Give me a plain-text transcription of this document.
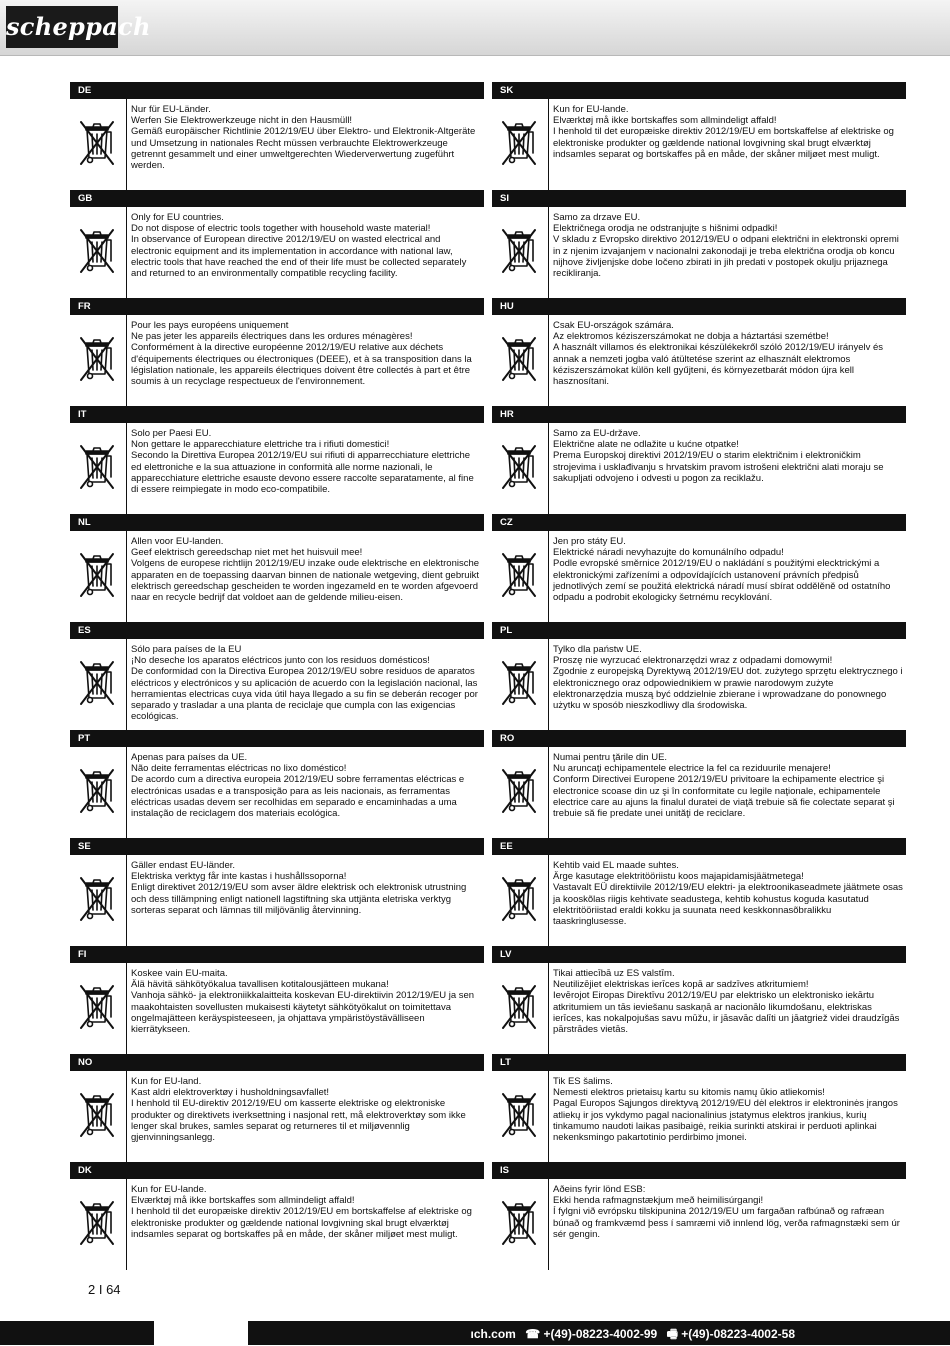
scheppach
DE
Nur für EU-Länder.
Werfen Sie Elektrowerkzeuge nicht in den Hausmüll!
Gemäß europäischer Richtlinie 2012/19/EU über Elektro- und Elektronik-Altgeräte und Umsetzung in nationales Recht müssen verbrauchte Elektrowerkzeuge getrennt gesammelt und einer umweltgerechten Wiederverwertung zugeführt werden.
GB
Only for EU countries.
Do not dispose of electric tools together with household waste material!
In observance of European directive 2012/19/EU on wasted electrical and electronic equipment and its implementation in accordance with national law, electric tools that have reached the end of their life must be collected separately and returned to an environmentally compatible recycling facility.
FR
Pour les pays européens uniquement
Ne pas jeter les appareils électriques dans les ordures ménagères!
Conformément à la directive européenne 2012/19/EU relative aux déchets d'équipements électriques ou électroniques (DEEE), et à sa transposition dans la législation nationale, les appareils électriques doivent être collectés à part et être soumis à un recyclage respectueux de l'environnement.
IT
Solo per Paesi EU.
Non gettare le apparecchiature elettriche tra i rifiuti domestici!
Secondo la Direttiva Europea 2012/19/EU sui rifiuti di apparrecchiature elettriche ed elettroniche e la sua attuazione in conformità alle norme nazionali, le apparecchiature elettriche esauste devono essere raccolte separatamente, al fine di essere reimpiegate in modo eco-compatibile.
NL
Allen voor EU-landen.
Geef elektrisch gereedschap niet met het huisvuil mee!
Volgens de europese richtlijn 2012/19/EU inzake oude elektrische en elektronische apparaten en de toepassing daarvan binnen de nationale wetgeving, dient gebruikt elektrisch gereedschap gescheiden te worden ingezameld en te worden afgevoerd naar en recycle bedrijf dat voldoet aan de geldende milieu-eisen.
ES
Sólo para países de la EU
¡No deseche los aparatos eléctricos junto con los residuos domésticos!
De conformidad con la Directiva Europea 2012/19/EU sobre residuos de aparatos eléctricos y electrónicos y su aplicación de acuerdo con la legislación nacional, las herramientas electricas cuya vida útil haya llegado a su fin se deberán recoger por separado y trasladar a una planta de reciclaje que cumpla con las exigencias ecológicas.
PT
Apenas para países da UE.
Não deite ferramentas eléctricas no lixo doméstico!
De acordo cum a directiva europeia 2012/19/EU sobre ferramentas eléctricas e electrónicas usadas e a transposição para as leis nacionais, as ferramentas eléctricas usadas devem ser recolhidas em separado e encaminhadas a uma instalação de reciclagem dos materiais ecológica.
SE
Gäller endast EU-länder.
Elektriska verktyg får inte kastas i hushållssoporna!
Enligt direktivet 2012/19/EU som avser äldre elektrisk och elektronisk utrustning och dess tillämpning enligt nationell lagstiftning ska uttjänta eletriska verktyg sorteras separat och lämnas till miljövänlig återvinning.
FI
Koskee vain EU-maita.
Älä hävitä sähkötyökalua tavallisen kotitalousjätteen mukana!
Vanhoja sähkö- ja elektroniikkalaitteita koskevan EU-direktiivin 2012/19/EU ja sen maakohtaisten sovellusten mukaisesti käytetyt sähkötyökalut on toimitettava ongelmajätteen keräyspisteeseen, ja ohjattava ympäristöystävälliseen kierrätykseen.
NO
Kun for EU-land.
Kast aldri elektroverktøy i husholdningsavfallet!
I henhold til EU-direktiv 2012/19/EU om kasserte elektriske og elektroniske produkter og direktivets iverksettning i nasjonal rett, må elektroverktøy som ikke lenger skal brukes, samles separat og returneres til et miljøvennlig gjenvinningsanlegg.
DK
Kun for EU-lande.
Elværktøj må ikke bortskaffes som allmindeligt affald!
I henhold til det europæiske direktiv 2012/19/EU em bortskaffelse af elektriske og elektroniske produkter og gældende national lovgivning skal brugt elværktøj indsamles separat og bortskaffes på en måde, der skåner miljøet mest muligt.
SK
Kun for EU-lande.
Elværktøj må ikke bortskaffes som allmindeligt affald!
I henhold til det europæiske direktiv 2012/19/EU em bortskaffelse af elektriske og elektroniske produkter og gældende national lovgivning skal brugt elværktøj indsamles separat og bortskaffes på en måde, der skåner miljøet mest muligt.
SI
Samo za drzave EU.
Električnega orodja ne odstranjujte s hišnimi odpadki!
V skladu z Evropsko direktivo 2012/19/EU o odpani električni in elektronski opremi in z njenim izvajanjem v nacionalni zakonodaji je treba električna orodja ob koncu nijhove življenjske dobe ločeno zbirati in jih predati v postopek okulju prijaznega recikliranja.
HU
Csak EU-országok számára.
Az elektromos kéziszerszámokat ne dobja a háztartási szemétbe!
A használt villamos és elektronikai készülékekről szóló 2012/19/EU irányelv és annak a nemzeti jogba való átültetése szerint az elhasznált elektromos kéziszerszámokat külön kell gyűjteni, és környezetbarát módon újra kell hasznosítani.
HR
Samo za EU-države.
Električne alate ne odlažite u kućne otpatke!
Prema Europskoj direktivi 2012/19/EU o starim električnim i elektroničkim strojevima i usklađivanju s hrvatskim pravom istrošeni električni alati moraju se sakupljati odvojeno i odvesti u pogon za reciklažu.
CZ
Jen pro státy EU.
Elektrické náradi nevyhazujte do komunálního odpadu!
Podle evropské směrnice 2012/19/EU o nakládání s použitými elecktrickými a elektronickými zařízeními a odpovídajících ustanovení právních předpisů jednotlivých zemí se použitá elektrická náradí musí sbírat oddělěně od ostatního odpadu a podrobit ekologicky šetrnému recyklování.
PL
Tylko dla państw UE.
Proszę nie wyrzucać elektronarzędzi wraz z odpadami domowymi!
Zgodnie z europejską Dyrektywą 2012/19/EU dot. zużytego sprzętu elektrycznego i elektronicznego oraz odpowiednikiem w prawie narodowym zużyte elektronarzędzia muszą być oddzielnie zbierane i wprowadzane do ponownego użytku w sposób nieszkodliwy dla środowiska.
RO
Numai pentru ţările din UE.
Nu aruncaţi echipamentele electrice la fel ca reziduurile menajere!
Conform Directivei Europene 2012/19/EU privitoare la echipamente electrice şi electronice scoase din uz şi în conformitate cu legile naţionale, echipamentele electrice care au ajuns la finalul duratei de viaţă trebuie să fie colectate separat şi trebuie să fie predate unei unităţi de reciclare.
EE
Kehtib vaid EL maade suhtes.
Ärge kasutage elektritööriistu koos majapidamisjäätmetega!
Vastavalt EÜ direktiivile 2012/19/EU elektri- ja elektroonikaseadmete jäätmete osas ja kooskõlas riigis kehtivate seadustega, kehtib kohustus koguda kasutatud elektritööriistad eraldi kokku ja suunata need keskkonnasõbralikku taaskringlusesse.
LV
Tikai attiecībā uz ES valstīm.
Neutilizējiet elektriskas ierīces kopā ar sadzīves atkritumiem!
Ievērojot Eiropas Direktīvu 2012/19/EU par elektrisko un elektronisko iekārtu atkritumiem un tās ieviešanu saskaņā ar nacionālo likumdošanu, elektriskas ierīces, kas nokalpojušas savu mūžu, ir jāsavāc dalīti un jāatgriež videi draudzīgās pārstrādes vietās.
LT
Tik ES šalims.
Nemesti elektros prietaisų kartu su kitomis namų ūkio atliekomis!
Pagal Europos Sąjungos direktyvą 2012/19/EU dėl elektros ir elektroninės įrangos atliekų ir jos vykdymo pagal nacionalinius įstatymus elektros įrankius, kurių tinkamumo naudoti laikas pasibaigė, reikia surinkti atskirai ir perduoti aplinkai nekenksmingo pakartotinio perdirbimo įmonei.
IS
Aðeins fyrir lönd ESB:
Ekki henda rafmagnstækjum með heimilisúrgangi!
Í fylgni við evrópsku tilskipunina 2012/19/EU um fargaðan rafbúnað og rafræan búnað og framkvæmd þess í samræmi við innlend lög, verða rafmagnstæki sem úr sér gengin.
2 I 64
ıch.com ☎ +(49)-08223-4002-99 🖷 +(49)-08223-4002-58
